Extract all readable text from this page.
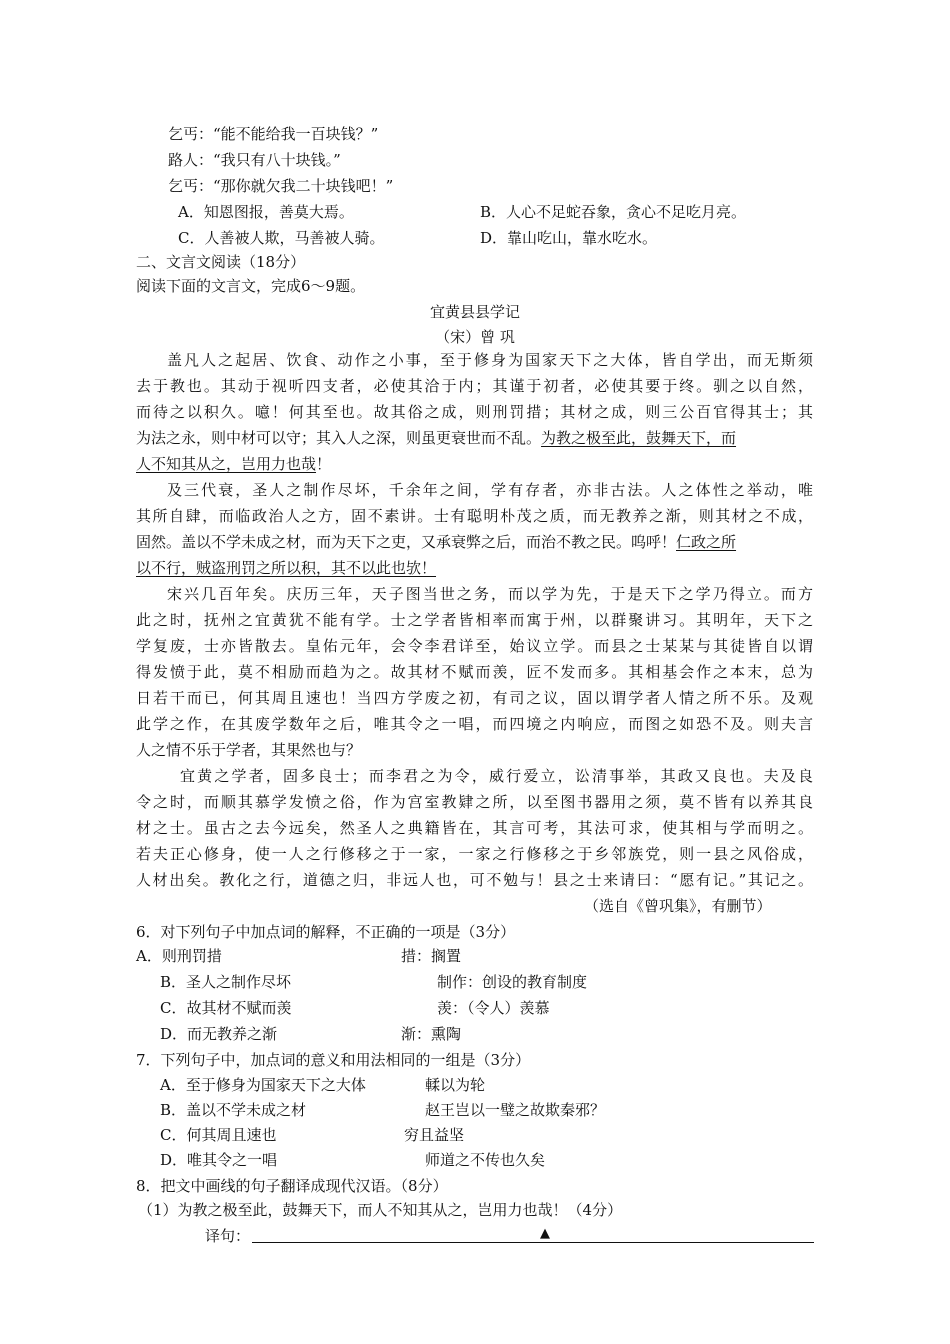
乞丐：“能不能给我一百块钱？”
路人：“我只有八十块钱。”
乞丐：“那你就欠我二十块钱吧！”
A．知恩图报，善莫大焉。	B．人心不足蛇吞象，贪心不足吃月亮。
C．人善被人欺，马善被人骑。	D．靠山吃山，靠水吃水。
二、文言文阅读（18分）
阅读下面的文言文，完成6～9题。
宜黄县县学记
（宋）曾 巩
盖凡人之起居、饮食、动作之小事，至于修身为国家天下之大体，皆自学出，而无斯须
去于教也。其动于视听四支者，必使其洽于内；其谨于初者，必使其要于终。驯之以自然，
而待之以积久。噫！何其至也。故其俗之成，则刑罚措；其材之成，则三公百官得其士；其
为法之永，则中材可以守；其入人之深，则虽更衰世而不乱。为教之极至此，鼓舞天下，而
人不知其从之，岂用力也哉！
及三代衰，圣人之制作尽坏，千余年之间，学有存者，亦非古法。人之体性之举动，唯
其所自肆，而临政治人之方，固不素讲。士有聪明朴茂之质，而无教养之渐，则其材之不成，
固然。盖以不学未成之材，而为天下之吏，又承衰弊之后，而治不教之民。呜呼！仁政之所
以不行，贼盗刑罚之所以积，其不以此也欤！
宋兴几百年矣。庆历三年，天子图当世之务，而以学为先，于是天下之学乃得立。而方
此之时，抚州之宜黄犹不能有学。士之学者皆相率而寓于州，以群聚讲习。其明年，天下之
学复废，士亦皆散去。皇佑元年，会令李君详至，始议立学。而县之士某某与其徒皆自以谓
得发愤于此，莫不相励而趋为之。故其材不赋而羡，匠不发而多。其相基会作之本末，总为
日若干而已，何其周且速也！当四方学废之初，有司之议，固以谓学者人情之所不乐。及观
此学之作，在其废学数年之后，唯其令之一唱，而四境之内响应，而图之如恐不及。则夫言
人之情不乐于学者，其果然也与？
宜黄之学者，固多良士；而李君之为令，威行爱立，讼清事举，其政又良也。夫及良
令之时，而顺其慕学发愤之俗，作为宫室教肄之所，以至图书器用之须，莫不皆有以养其良
材之士。虽古之去今远矣，然圣人之典籍皆在，其言可考，其法可求，使其相与学而明之。
若夫正心修身，使一人之行修移之于一家，一家之行修移之于乡邻族党，则一县之风俗成，
人材出矣。教化之行，道德之归，非远人也，可不勉与！县之士来请曰：“愿有记。”其记之。
（选自《曾巩集》，有删节）
6．对下列句子中加点词的解释，不正确的一项是（3分）
A．则刑罚措	措：搁置
B．圣人之制作尽坏	制作：创设的教育制度
C．故其材不赋而羡	羡：（令人）羡慕
D．而无教养之渐	渐：熏陶
7．下列句子中，加点词的意义和用法相同的一组是（3分）
A．至于修身为国家天下之大体	輮以为轮
B．盖以不学未成之材	赵王岂以一璧之故欺秦邪？
C．何其周且速也	穷且益坚
D．唯其令之一唱	师道之不传也久矣
8．把文中画线的句子翻译成现代汉语。（8分）
（1）为教之极至此，鼓舞天下，而人不知其从之，岂用力也哉！（4分）
译句：	▲
